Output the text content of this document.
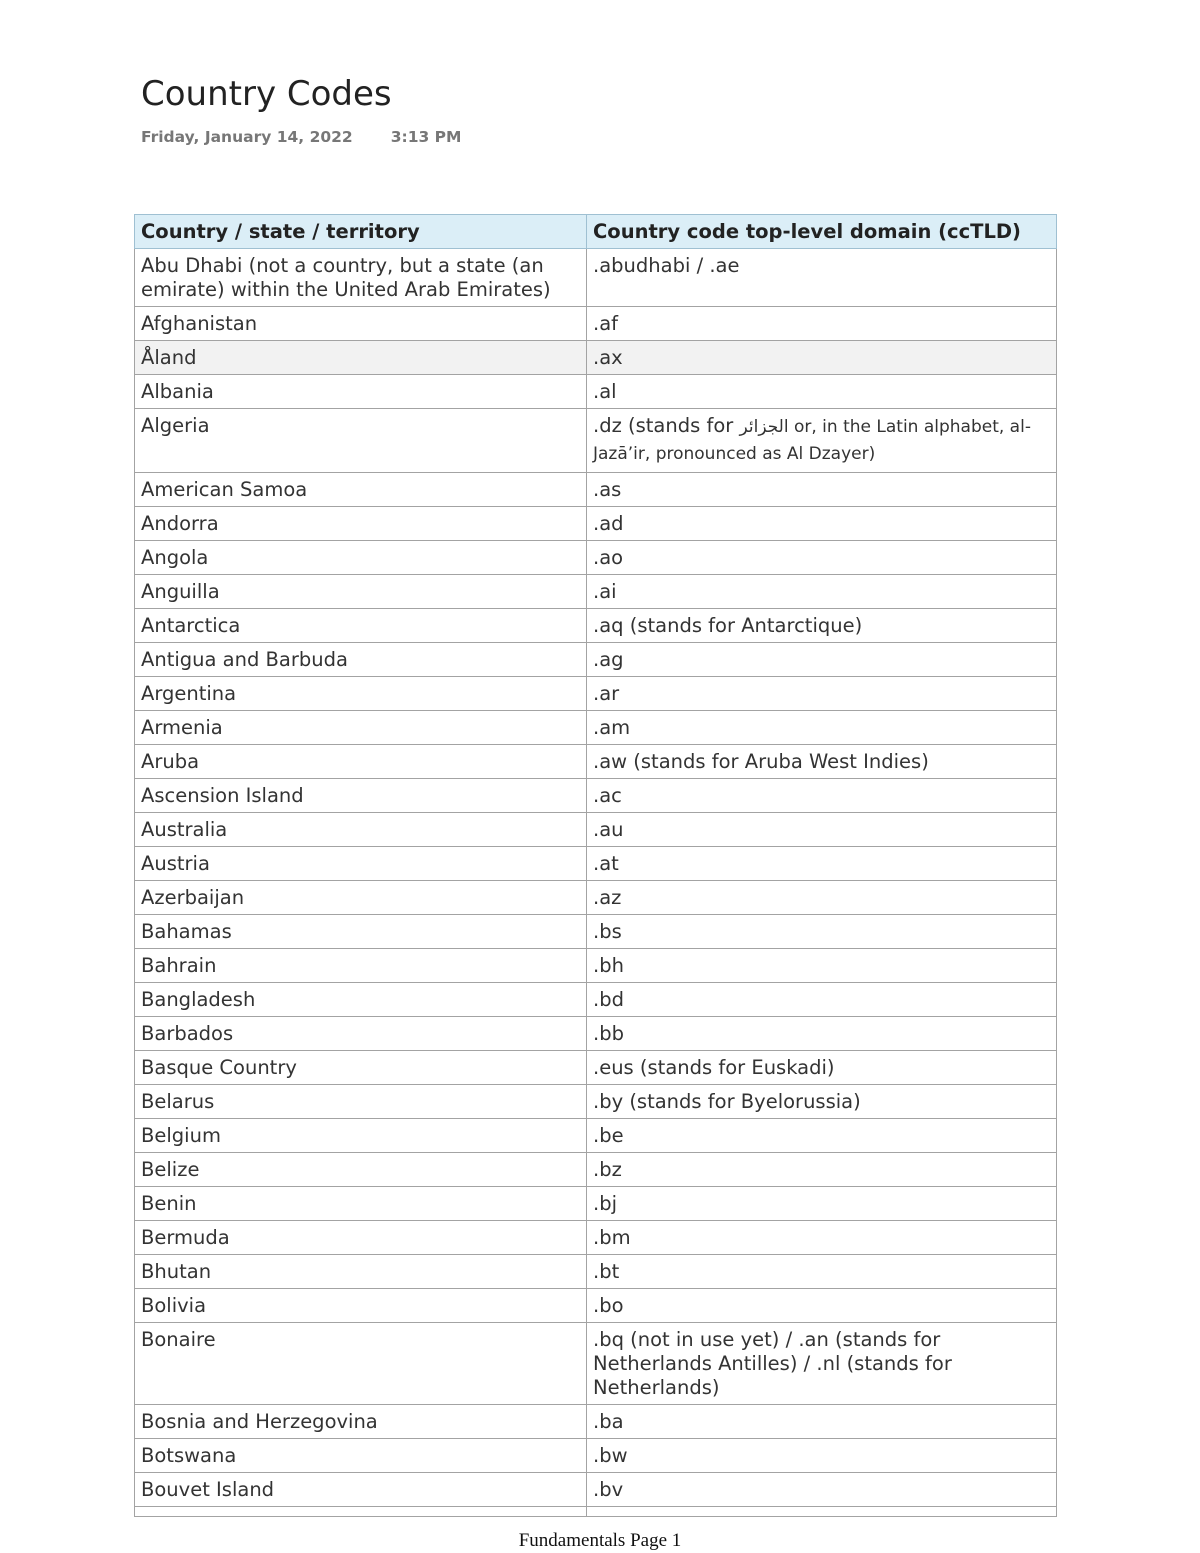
Country Codes
Friday, January 14, 2022 3:13 PM
Country / state / territory	Country code top-level domain (ccTLD)
Abu Dhabi (not a country, but a state (an emirate) within the United Arab Emirates)	.abudhabi / .ae
Afghanistan	.af
Åland	.ax
Albania	.al
Algeria	.dz (stands for الجزائر or, in the Latin alphabet, al-Jazā’ir, pronounced as Al Dzayer)
American Samoa	.as
Andorra	.ad
Angola	.ao
Anguilla	.ai
Antarctica	.aq (stands for Antarctique)
Antigua and Barbuda	.ag
Argentina	.ar
Armenia	.am
Aruba	.aw (stands for Aruba West Indies)
Ascension Island	.ac
Australia	.au
Austria	.at
Azerbaijan	.az
Bahamas	.bs
Bahrain	.bh
Bangladesh	.bd
Barbados	.bb
Basque Country	.eus (stands for Euskadi)
Belarus	.by (stands for Byelorussia)
Belgium	.be
Belize	.bz
Benin	.bj
Bermuda	.bm
Bhutan	.bt
Bolivia	.bo
Bonaire	.bq (not in use yet) / .an (stands for Netherlands Antilles) / .nl (stands for Netherlands)
Bosnia and Herzegovina	.ba
Botswana	.bw
Bouvet Island	.bv

Fundamentals Page 1
